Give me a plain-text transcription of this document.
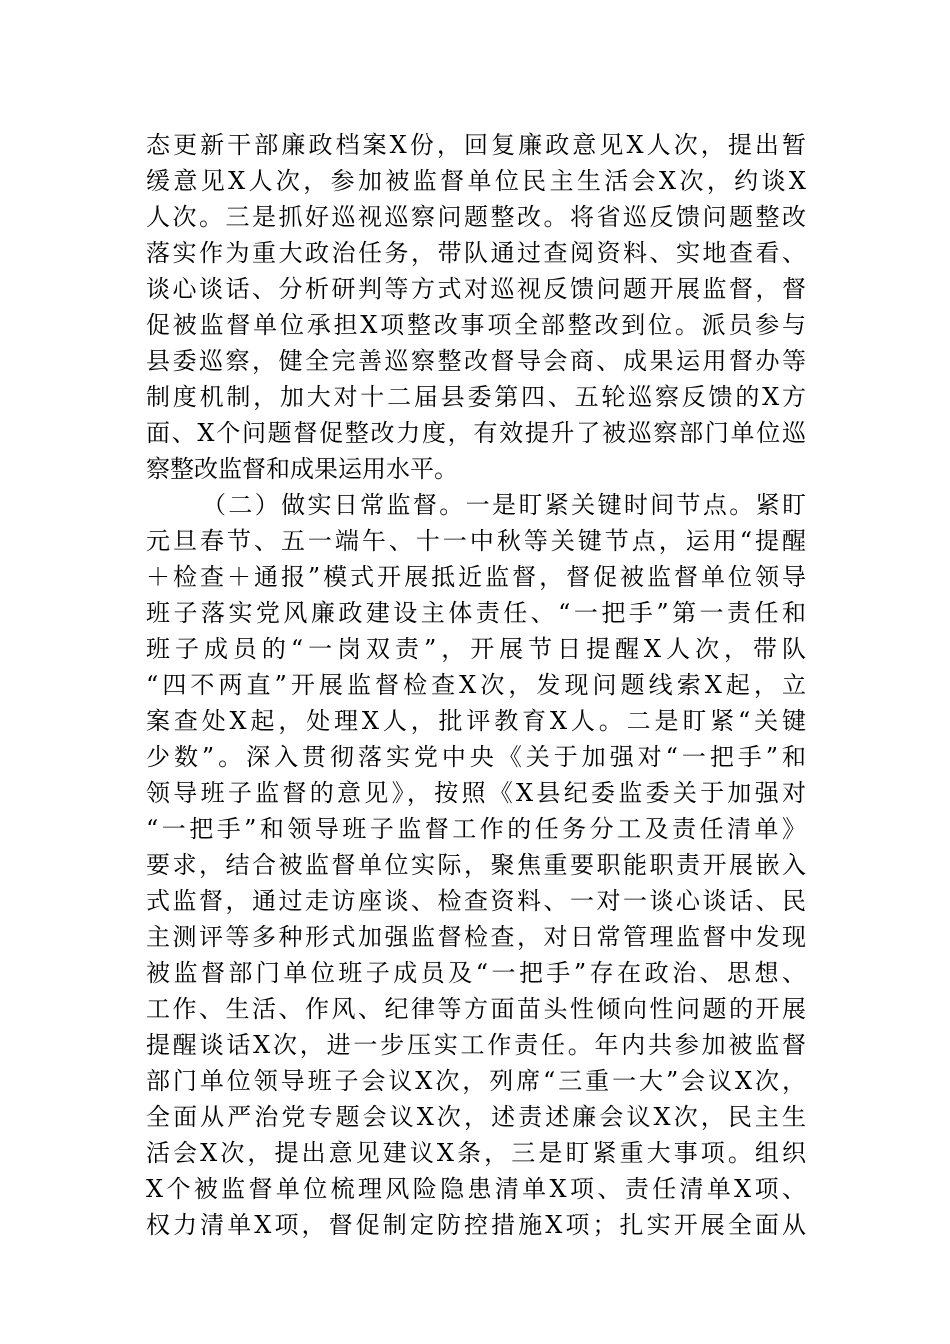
态更新干部廉政档案X份，回复廉政意见X人次，提出暂
缓意见X人次，参加被监督单位民主生活会X次，约谈X
人次。三是抓好巡视巡察问题整改。将省巡反馈问题整改
落实作为重大政治任务，带队通过查阅资料、实地查看、
谈心谈话、分析研判等方式对巡视反馈问题开展监督，督
促被监督单位承担X项整改事项全部整改到位。派员参与
县委巡察，健全完善巡察整改督导会商、成果运用督办等
制度机制，加大对十二届县委第四、五轮巡察反馈的X方
面、X个问题督促整改力度，有效提升了被巡察部门单位巡
察整改监督和成果运用水平。
（二）做实日常监督。一是盯紧关键时间节点。紧盯
元旦春节、五一端午、十一中秋等关键节点，运用“提醒
＋检查＋通报”模式开展抵近监督，督促被监督单位领导
班子落实党风廉政建设主体责任、“一把手”第一责任和
班子成员的“一岗双责”，开展节日提醒X人次，带队
“四不两直”开展监督检查X次，发现问题线索X起，立
案查处X起，处理X人，批评教育X人。二是盯紧“关键
少数”。深入贯彻落实党中央《关于加强对“一把手”和
领导班子监督的意见》，按照《X县纪委监委关于加强对
“一把手”和领导班子监督工作的任务分工及责任清单》
要求，结合被监督单位实际，聚焦重要职能职责开展嵌入
式监督，通过走访座谈、检查资料、一对一谈心谈话、民
主测评等多种形式加强监督检查，对日常管理监督中发现
被监督部门单位班子成员及“一把手”存在政治、思想、
工作、生活、作风、纪律等方面苗头性倾向性问题的开展
提醒谈话X次，进一步压实工作责任。年内共参加被监督
部门单位领导班子会议X次，列席“三重一大”会议X次，
全面从严治党专题会议X次，述责述廉会议X次，民主生
活会X次，提出意见建议X条，三是盯紧重大事项。组织
X个被监督单位梳理风险隐患清单X项、责任清单X项、
权力清单X项，督促制定防控措施X项；扎实开展全面从
